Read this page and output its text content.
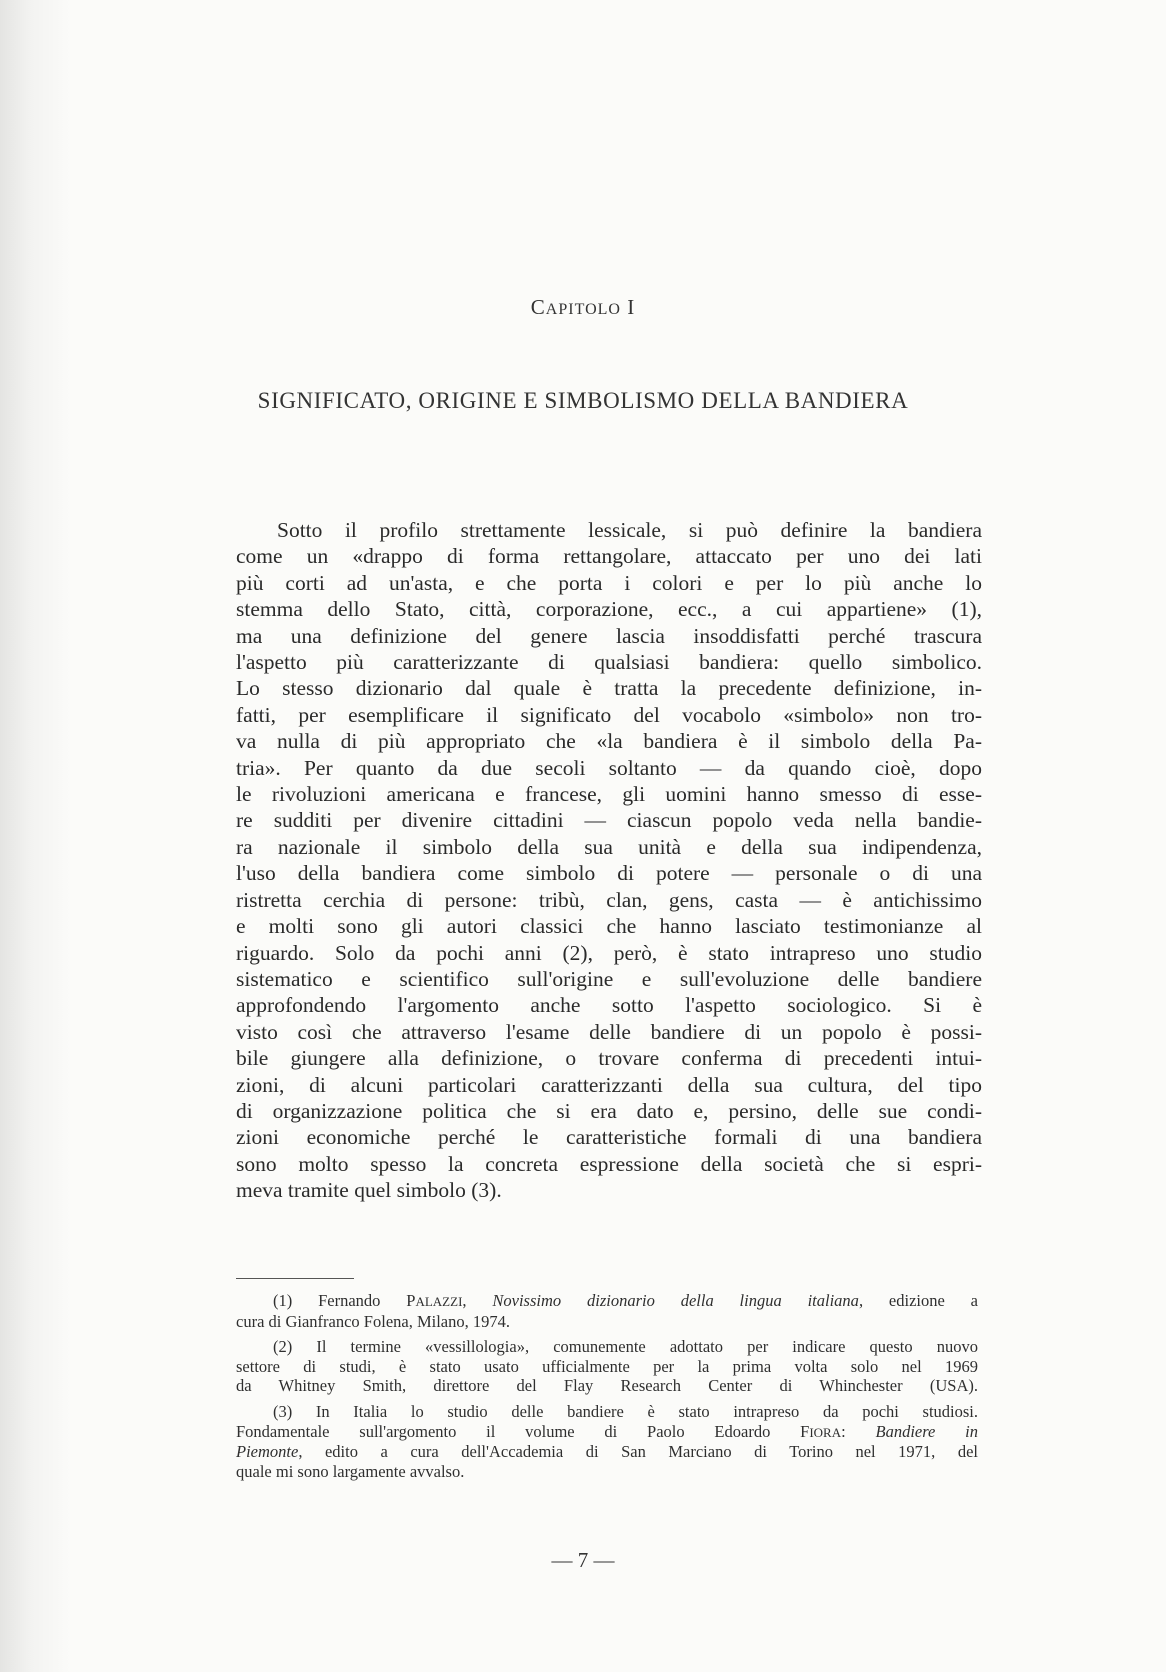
CAPITOLO I
SIGNIFICATO, ORIGINE E SIMBOLISMO DELLA BANDIERA
Sotto il profilo strettamente lessicale, si può definire la bandiera
come un «drappo di forma rettangolare, attaccato per uno dei lati
più corti ad un'asta, e che porta i colori e per lo più anche lo
stemma dello Stato, città, corporazione, ecc., a cui appartiene» (1),
ma una definizione del genere lascia insoddisfatti perché trascura
l'aspetto più caratterizzante di qualsiasi bandiera: quello simbolico.
Lo stesso dizionario dal quale è tratta la precedente definizione, in-
fatti, per esemplificare il significato del vocabolo «simbolo» non tro-
va nulla di più appropriato che «la bandiera è il simbolo della Pa-
tria». Per quanto da due secoli soltanto — da quando cioè, dopo
le rivoluzioni americana e francese, gli uomini hanno smesso di esse-
re sudditi per divenire cittadini — ciascun popolo veda nella bandie-
ra nazionale il simbolo della sua unità e della sua indipendenza,
l'uso della bandiera come simbolo di potere — personale o di una
ristretta cerchia di persone: tribù, clan, gens, casta — è antichissimo
e molti sono gli autori classici che hanno lasciato testimonianze al
riguardo. Solo da pochi anni (2), però, è stato intrapreso uno studio
sistematico e scientifico sull'origine e sull'evoluzione delle bandiere
approfondendo l'argomento anche sotto l'aspetto sociologico. Si è
visto così che attraverso l'esame delle bandiere di un popolo è possi-
bile giungere alla definizione, o trovare conferma di precedenti intui-
zioni, di alcuni particolari caratterizzanti della sua cultura, del tipo
di organizzazione politica che si era dato e, persino, delle sue condi-
zioni economiche perché le caratteristiche formali di una bandiera
sono molto spesso la concreta espressione della società che si espri-
meva tramite quel simbolo (3).
(1) Fernando PALAZZI, Novissimo dizionario della lingua italiana, edizione a
cura di Gianfranco Folena, Milano, 1974.
(2) Il termine «vessillologia», comunemente adottato per indicare questo nuovo
settore di studi, è stato usato ufficialmente per la prima volta solo nel 1969
da Whitney Smith, direttore del Flay Research Center di Whinchester (USA).
(3) In Italia lo studio delle bandiere è stato intrapreso da pochi studiosi.
Fondamentale sull'argomento il volume di Paolo Edoardo FIORA: Bandiere in
Piemonte, edito a cura dell'Accademia di San Marciano di Torino nel 1971, del
quale mi sono largamente avvalso.
— 7 —
